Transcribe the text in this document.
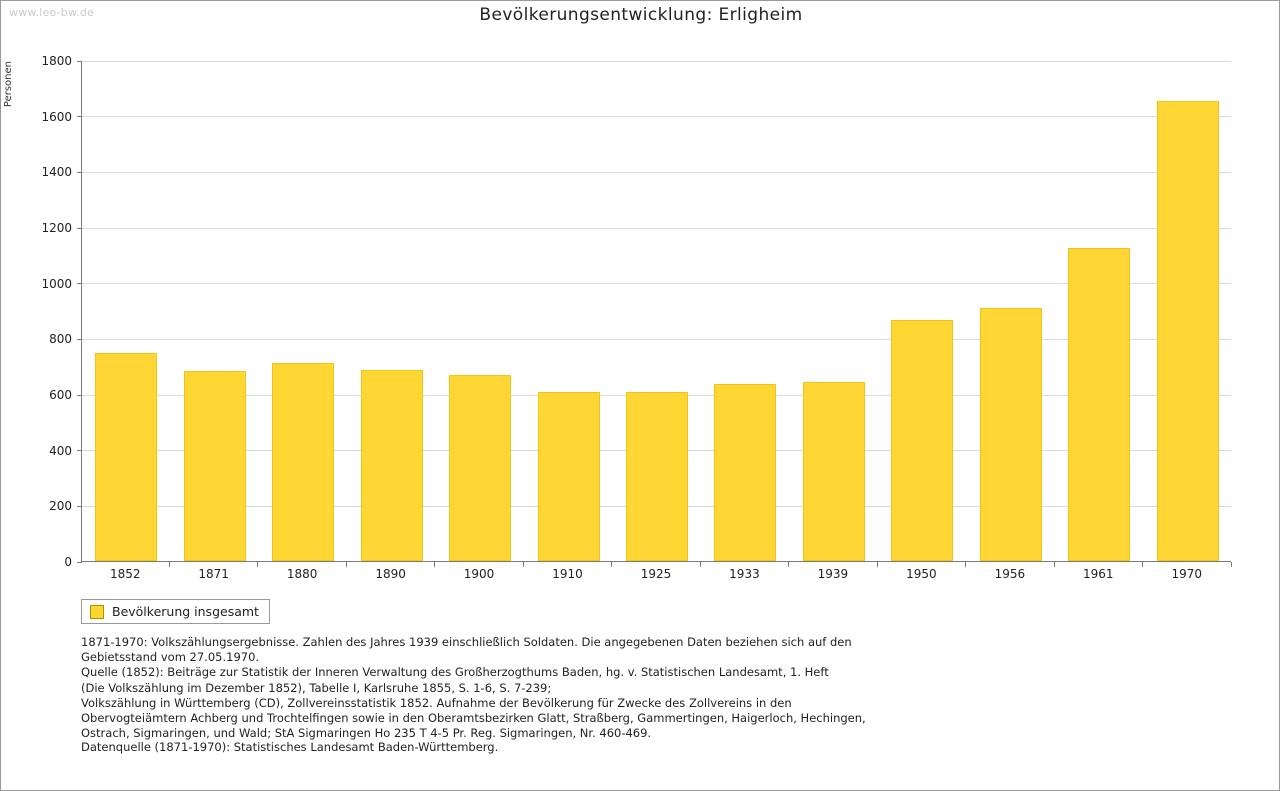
www.leo-bw.de	Bevölkerungsentwicklung: Erligheim
Personen
0
200
400
600
800
1000
1200
1400
1600
1800
Bevölkerung insgesamt
1871-1970: Volkszählungsergebnisse. Zahlen des Jahres 1939 einschließlich Soldaten. Die angegebenen Daten beziehen sich auf den
Gebietsstand vom 27.05.1970.
Quelle (1852): Beiträge zur Statistik der Inneren Verwaltung des Großherzogthums Baden, hg. v. Statistischen Landesamt, 1. Heft
(Die Volkszählung im Dezember 1852), Tabelle I, Karlsruhe 1855, S. 1-6, S. 7-239;
Volkszählung in Württemberg (CD), Zollvereinsstatistik 1852. Aufnahme der Bevölkerung für Zwecke des Zollvereins in den
Obervogteiämtern Achberg und Trochtelfingen sowie in den Oberamtsbezirken Glatt, Straßberg, Gammertingen, Haigerloch, Hechingen,
Ostrach, Sigmaringen, und Wald; StA Sigmaringen Ho 235 T 4-5 Pr. Reg. Sigmaringen, Nr. 460-469.
Datenquelle (1871-1970): Statistisches Landesamt Baden-Württemberg.
1852	1871	1880	1890	1900	1910	1925	1933	1939	1950	1956	1961	1970
